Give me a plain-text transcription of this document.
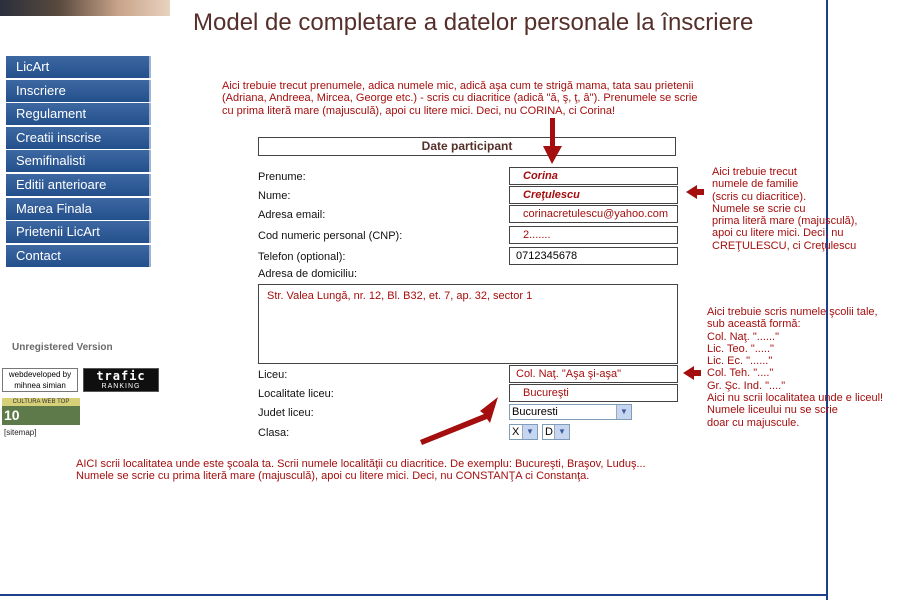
Model de completare a datelor personale la înscriere
LicArt
Inscriere
Regulament
Creatii inscrise
Semifinalisti
Editii anterioare
Marea Finala
Prietenii LicArt
Contact
Unregistered Version
webdeveloped by
mihnea simian
trafic
RANKING
CULTURA WEB TOP
10
[sitemap]

Aici trebuie trecut prenumele, adica numele mic, adică aşa cum te strigă mama, tata sau prietenii

(Adriana, Andreea, Mircea, George etc.) - scris cu diacritice (adică "ă, ş, ţ, â"). Prenumele se scrie

cu prima literă mare (majusculă), apoi cu litere mici. Deci, nu CORINA, ci Corina!

Aici trebuie trecut

numele de familie

(scris cu diacritice).

Numele se scrie cu

prima literă mare (majusculă),

apoi cu litere mici. Deci, nu

CREŢULESCU, ci Creţulescu

Aici trebuie scris numele şcolii tale,

sub această formă:

Col. Naţ. "......"

Lic. Teo. "....."

Lic. Ec. "......"

Col. Teh. "...."

Gr. Şc. Ind. "...."

Aici nu scrii localitatea unde e liceul!

Numele liceului nu se scrie

doar cu majuscule.

AICI scrii localitatea unde este şcoala ta. Scrii numele localităţii cu diacritice. De exemplu: Bucureşti, Braşov, Luduş...

Numele se scrie cu prima literă mare (majusculă), apoi cu litere mici. Deci, nu CONSTANŢA ci Constanţa.

Date participant
Prenume:	Corina
Nume:	Creţulescu
Adresa email:	corinacretulescu@yahoo.com
Cod numeric personal (CNP):	2.......
Telefon (optional):	0712345678
Adresa de domiciliu:
Str. Valea Lungă, nr. 12, Bl. B32, et. 7, ap. 32, sector 1
Liceu:	Col. Naţ. "Aşa şi-aşa"
Localitate liceu:	Bucureşti
Judet liceu:	Bucuresti	▼
Clasa:	X ▼ D ▼
